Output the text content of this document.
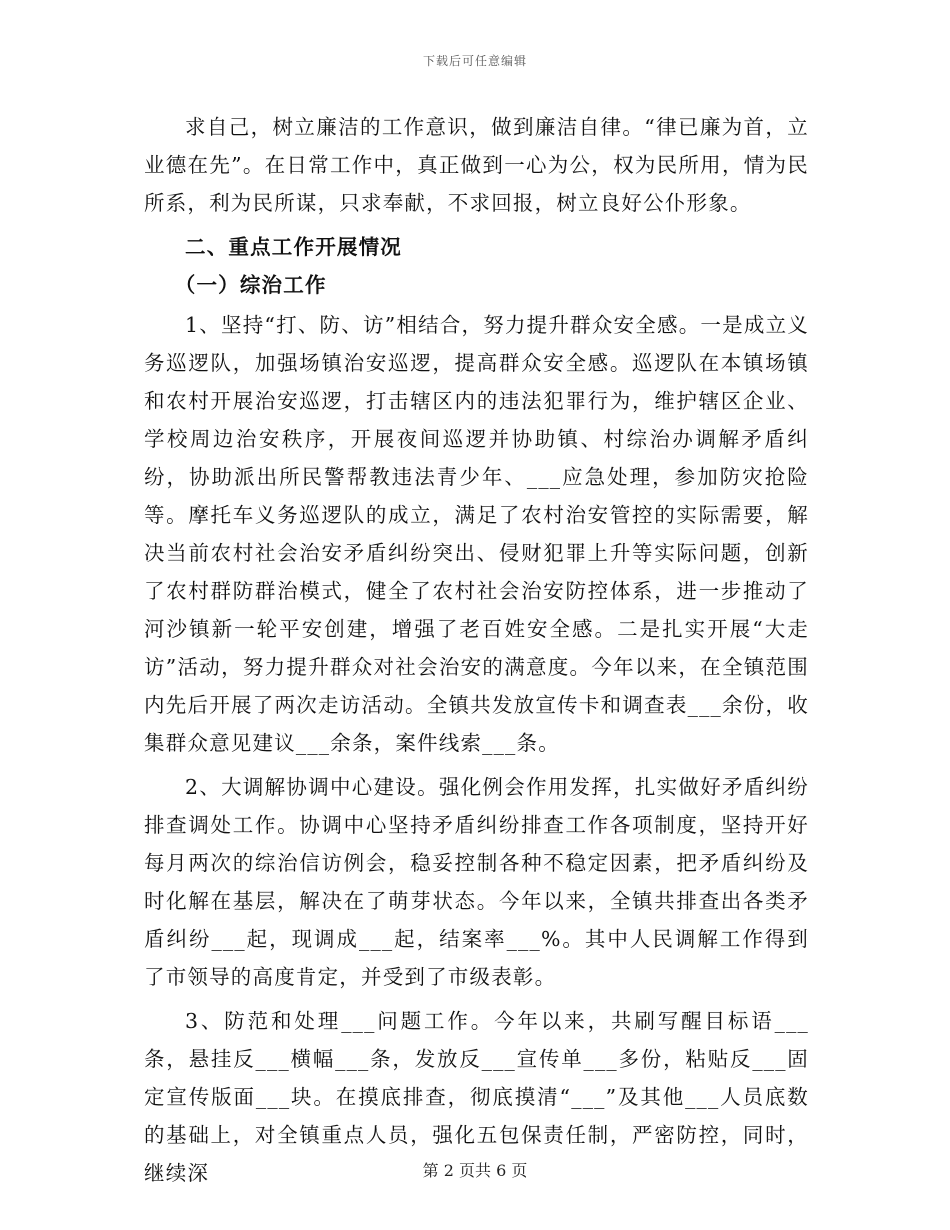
下载后可任意编辑

求自己，树立廉洁的工作意识，做到廉洁自律。“律已廉为首，立业德在先”。在日常工作中，真正做到一心为公，权为民所用，情为民所系，利为民所谋，只求奉献，不求回报，树立良好公仆形象。

二、重点工作开展情况

（一）综治工作

1、坚持“打、防、访”相结合，努力提升群众安全感。一是成立义务巡逻队，加强场镇治安巡逻，提高群众安全感。巡逻队在本镇场镇和农村开展治安巡逻，打击辖区内的违法犯罪行为，维护辖区企业、学校周边治安秩序，开展夜间巡逻并协助镇、村综治办调解矛盾纠纷，协助派出所民警帮教违法青少年、___应急处理，参加防灾抢险等。摩托车义务巡逻队的成立，满足了农村治安管控的实际需要，解决当前农村社会治安矛盾纠纷突出、侵财犯罪上升等实际问题，创新了农村群防群治模式，健全了农村社会治安防控体系，进一步推动了河沙镇新一轮平安创建，增强了老百姓安全感。二是扎实开展“大走访”活动，努力提升群众对社会治安的满意度。今年以来，在全镇范围内先后开展了两次走访活动。全镇共发放宣传卡和调查表___余份，收集群众意见建议___余条，案件线索___条。

2、大调解协调中心建设。强化例会作用发挥，扎实做好矛盾纠纷排查调处工作。协调中心坚持矛盾纠纷排查工作各项制度，坚持开好每月两次的综治信访例会，稳妥控制各种不稳定因素，把矛盾纠纷及时化解在基层，解决在了萌芽状态。今年以来，全镇共排查出各类矛盾纠纷___起，现调成___起，结案率___%。其中人民调解工作得到了市领导的高度肯定，并受到了市级表彰。

3、防范和处理___问题工作。今年以来，共刷写醒目标语___条，悬挂反___横幅___条，发放反___宣传单___多份，粘贴反___固定宣传版面___块。在摸底排查，彻底摸清“___”及其他___人员底数的基础上，对全镇重点人员，强化五包保责任制，严密防控，同时，继续深	第 2 页共 6 页
